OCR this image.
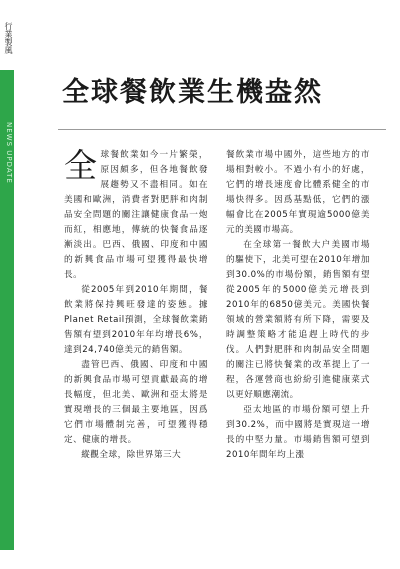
行業製風
NEWS UPDATE
全球餐飲業生機盎然

全球餐飲業如今一片繁榮，原因頗多，但各地餐飲發展趨勢又不盡相同。如在美國和歐洲，消費者對肥胖和肉制品安全問題的關注讓健康食品一炮而紅，相應地，傳統的快餐食品逐漸淡出。巴西、俄國、印度和中國的新興食品市場可望獲得最快增長。

從2005年到2010年期間，餐飲業將保持興旺發達的姿態。據Planet Retail預測，全球餐飲業銷售額有望到2010年年均增長6%，達到24,740億美元的銷售額。

盡管巴西、俄國、印度和中國的新興食品市場可望貢獻最高的增長幅度，但北美、歐洲和亞太將是實現增長的三個最主要地區，因爲它們市場體制完善，可望獲得穩定、健康的增長。

縱觀全球，除世界第三大

餐飲業市場中國外，這些地方的市場相對較小。不過小有小的好處，它們的增長速度會比體系健全的市場快得多。因爲基點低，它們的漲幅會比在2005年實現逾5000億美元的美國市場高。

在全球第一餐飲大户美國市場的驅使下，北美可望在2010年增加到30.0%的市場份額，銷售額有望從2005年的5000億美元增長到2010年的6850億美元。美國快餐領域的營業額將有所下降，需要及時調整策略才能追趕上時代的步伐。人們對肥胖和肉制品安全問題的關注已將快餐業的改革提上了一程，各運營商也紛紛引進健康菜式以更好順應潮流。

亞太地區的市場份額可望上升到30.2%，而中國將是實現這一增長的中堅力量。市場銷售額可望到2010年間年均上漲
